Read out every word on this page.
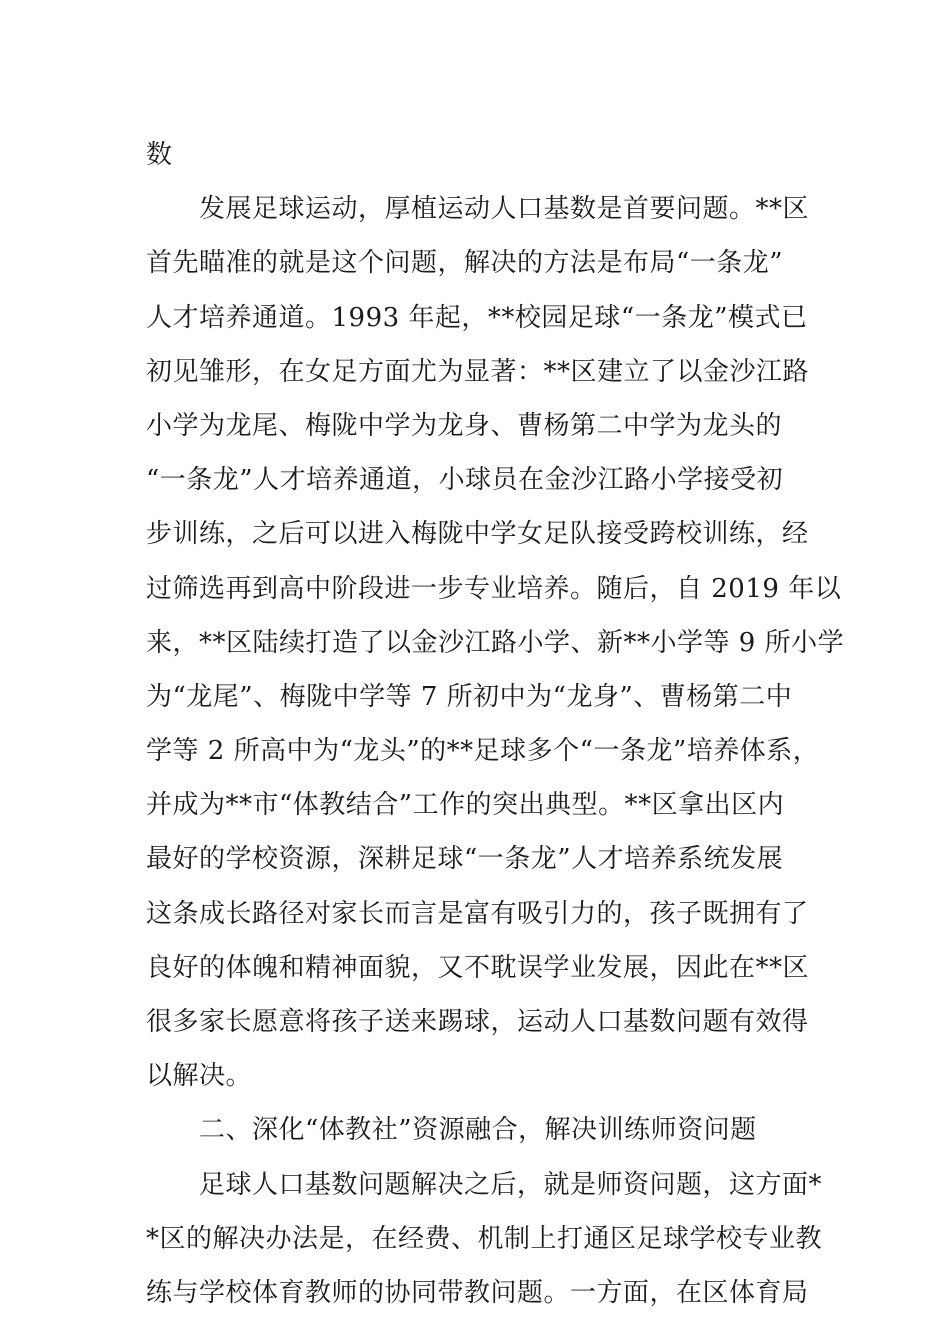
数
　　发展足球运动，厚植运动人口基数是首要问题。**区
首先瞄准的就是这个问题，解决的方法是布局“一条龙”
人才培养通道。1993 年起，**校园足球“一条龙”模式已
初见雏形，在女足方面尤为显著：**区建立了以金沙江路
小学为龙尾、梅陇中学为龙身、曹杨第二中学为龙头的
“一条龙”人才培养通道，小球员在金沙江路小学接受初
步训练，之后可以进入梅陇中学女足队接受跨校训练，经
过筛选再到高中阶段进一步专业培养。随后，自 2019 年以
来，**区陆续打造了以金沙江路小学、新**小学等 9 所小学
为“龙尾”、梅陇中学等 7 所初中为“龙身”、曹杨第二中
学等 2 所高中为“龙头”的**足球多个“一条龙”培养体系，
并成为**市“体教结合”工作的突出典型。**区拿出区内
最好的学校资源，深耕足球“一条龙”人才培养系统发展
这条成长路径对家长而言是富有吸引力的，孩子既拥有了
良好的体魄和精神面貌，又不耽误学业发展，因此在**区
很多家长愿意将孩子送来踢球，运动人口基数问题有效得
以解决。
　　二、深化“体教社”资源融合，解决训练师资问题
　　足球人口基数问题解决之后，就是师资问题，这方面*
*区的解决办法是，在经费、机制上打通区足球学校专业教
练与学校体育教师的协同带教问题。一方面，在区体育局
